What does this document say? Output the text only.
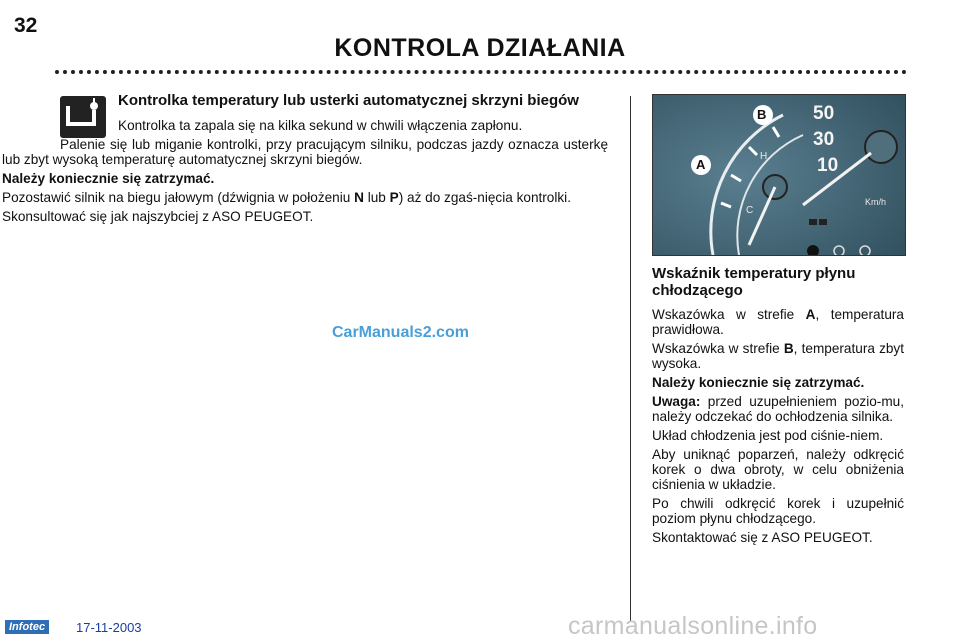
32
KONTROLA DZIAŁANIA
Kontrolka temperatury lub usterki automatycznej skrzyni biegów
Kontrolka ta zapala się na kilka sekund w chwili włączenia zapłonu.
Palenie się lub miganie kontrolki, przy pracującym silniku, podczas jazdy oznacza usterkę lub zbyt wysoką temperaturę automatycznej skrzyni biegów.
Należy koniecznie się zatrzymać.
Pozostawić silnik na biegu jałowym (dźwignia w położeniu N lub P) aż do zgaś-nięcia kontrolki.
Skonsultować się jak najszybciej z ASO PEUGEOT.
CarManuals2.com
B
A
50
30
10
Km/h
H
C
Wskaźnik temperatury płynu chłodzącego
Wskazówka w strefie A, temperatura prawidłowa.
Wskazówka w strefie B, temperatura zbyt wysoka.
Należy koniecznie się zatrzymać.
Uwaga: przed uzupełnieniem pozio-mu, należy odczekać do ochłodzenia silnika.
Układ chłodzenia jest pod ciśnie-niem.
Aby uniknąć poparzeń, należy odkręcić korek o dwa obroty, w celu obniżenia ciśnienia w układzie.
Po chwili odkręcić korek i uzupełnić poziom płynu chłodzącego.
Skontaktować się z ASO PEUGEOT.
Infotec	17-11-2003	carmanualsonline.info
